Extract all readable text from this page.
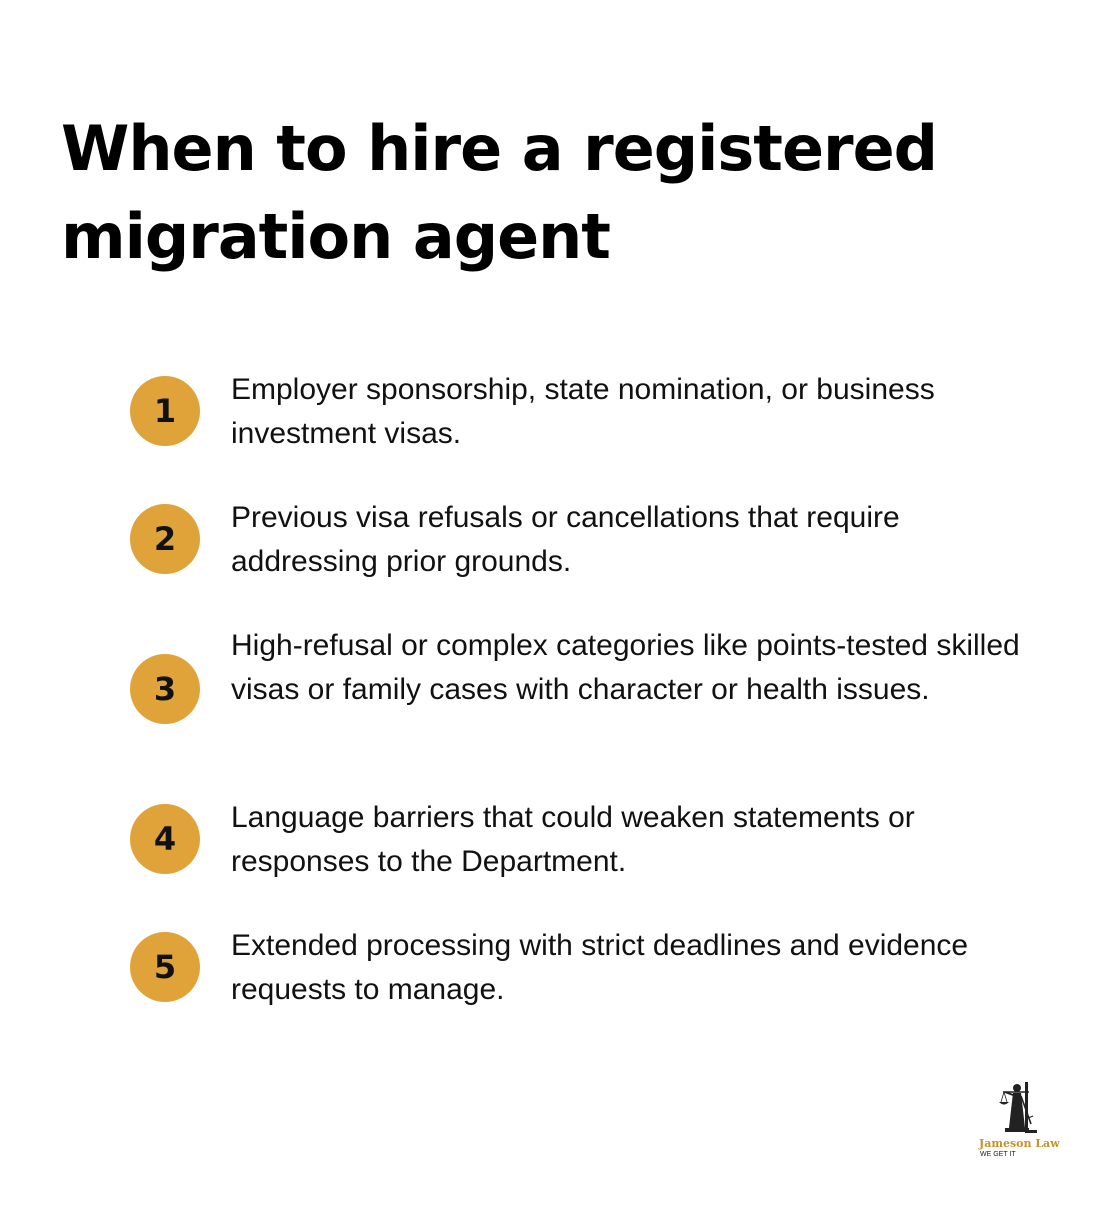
When to hire a registered migration agent
1
Employer sponsorship, state nomination, or business investment visas.
2
Previous visa refusals or cancellations that require addressing prior grounds.
3
High-refusal or complex categories like points-tested skilled visas or family cases with character or health issues.
4
Language barriers that could weaken statements or responses to the Department.
5
Extended processing with strict deadlines and evidence requests to manage.
Jameson Law
WE GET IT
